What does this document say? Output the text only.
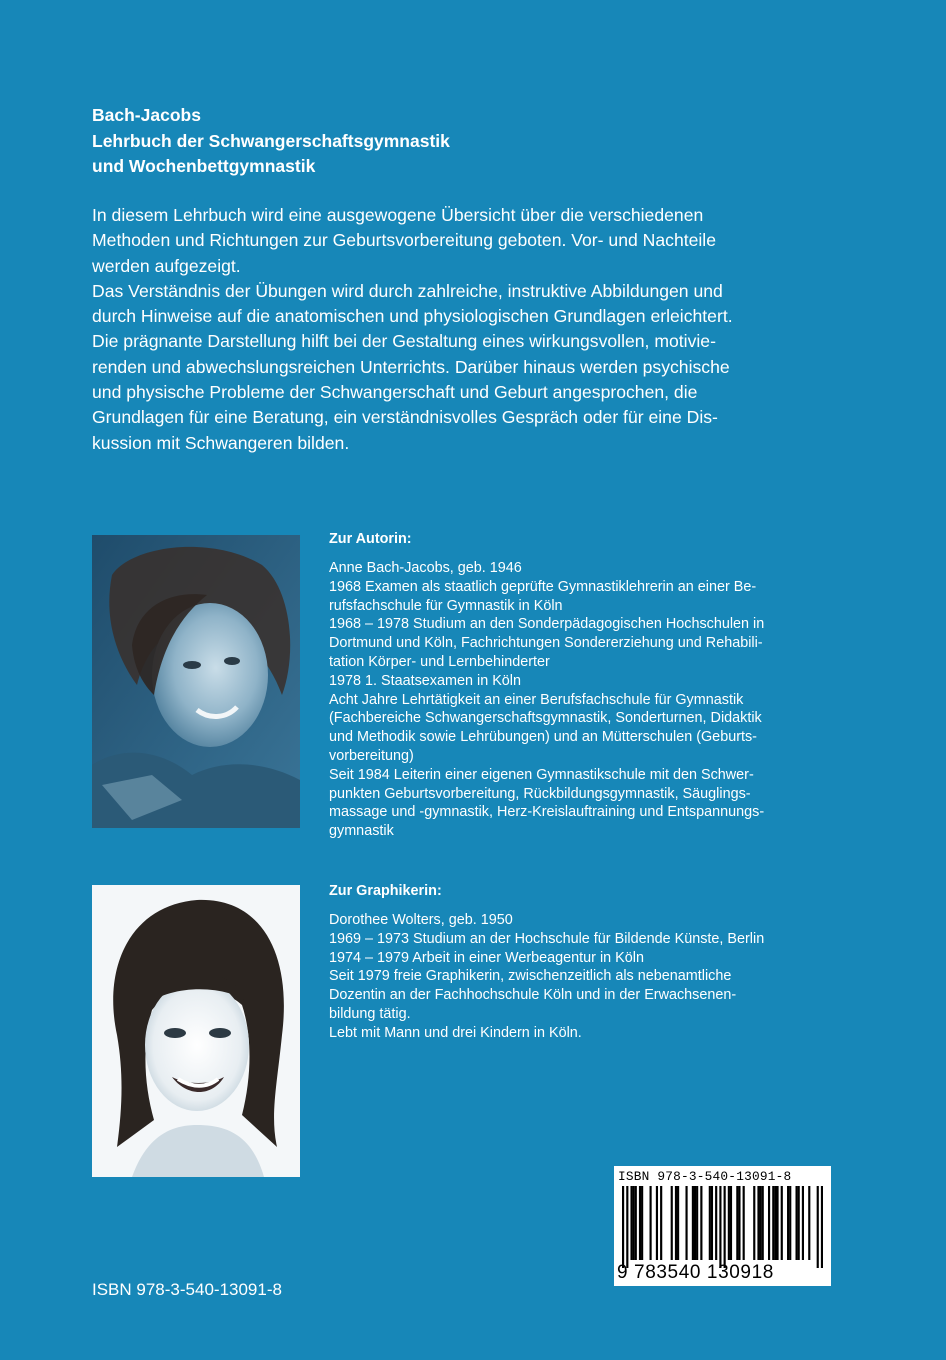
Bach-Jacobs
Lehrbuch der Schwangerschaftsgymnastik
und Wochenbettgymnastik
In diesem Lehrbuch wird eine ausgewogene Übersicht über die verschiedenen
Methoden und Richtungen zur Geburtsvorbereitung geboten. Vor- und Nachteile
werden aufgezeigt.
Das Verständnis der Übungen wird durch zahlreiche, instruktive Abbildungen und
durch Hinweise auf die anatomischen und physiologischen Grundlagen erleichtert.
Die prägnante Darstellung hilft bei der Gestaltung eines wirkungsvollen, motivie-
renden und abwechslungsreichen Unterrichts. Darüber hinaus werden psychische
und physische Probleme der Schwangerschaft und Geburt angesprochen, die
Grundlagen für eine Beratung, ein verständnisvolles Gespräch oder für eine Dis-
kussion mit Schwangeren bilden.
Zur Autorin:
Anne Bach-Jacobs, geb. 1946
1968 Examen als staatlich geprüfte Gymnastiklehrerin an einer Be-
rufsfachschule für Gymnastik in Köln
1968 – 1978 Studium an den Sonderpädagogischen Hochschulen in
Dortmund und Köln, Fachrichtungen Sondererziehung und Rehabili-
tation Körper- und Lernbehinderter
1978 1. Staatsexamen in Köln
Acht Jahre Lehrtätigkeit an einer Berufsfachschule für Gymnastik
(Fachbereiche Schwangerschaftsgymnastik, Sonderturnen, Didaktik
und Methodik sowie Lehrübungen) und an Mütterschulen (Geburts-
vorbereitung)
Seit 1984 Leiterin einer eigenen Gymnastikschule mit den Schwer-
punkten Geburtsvorbereitung, Rückbildungsgymnastik, Säuglings-
massage und -gymnastik, Herz-Kreislauftraining und Entspannungs-
gymnastik
Zur Graphikerin:
Dorothee Wolters, geb. 1950
1969 – 1973 Studium an der Hochschule für Bildende Künste, Berlin
1974 – 1979 Arbeit in einer Werbeagentur in Köln
Seit 1979 freie Graphikerin, zwischenzeitlich als nebenamtliche
Dozentin an der Fachhochschule Köln und in der Erwachsenen-
bildung tätig.
Lebt mit Mann und drei Kindern in Köln.
ISBN 978-3-540-13091-8
9 783540 130918
ISBN 978-3-540-13091-8
